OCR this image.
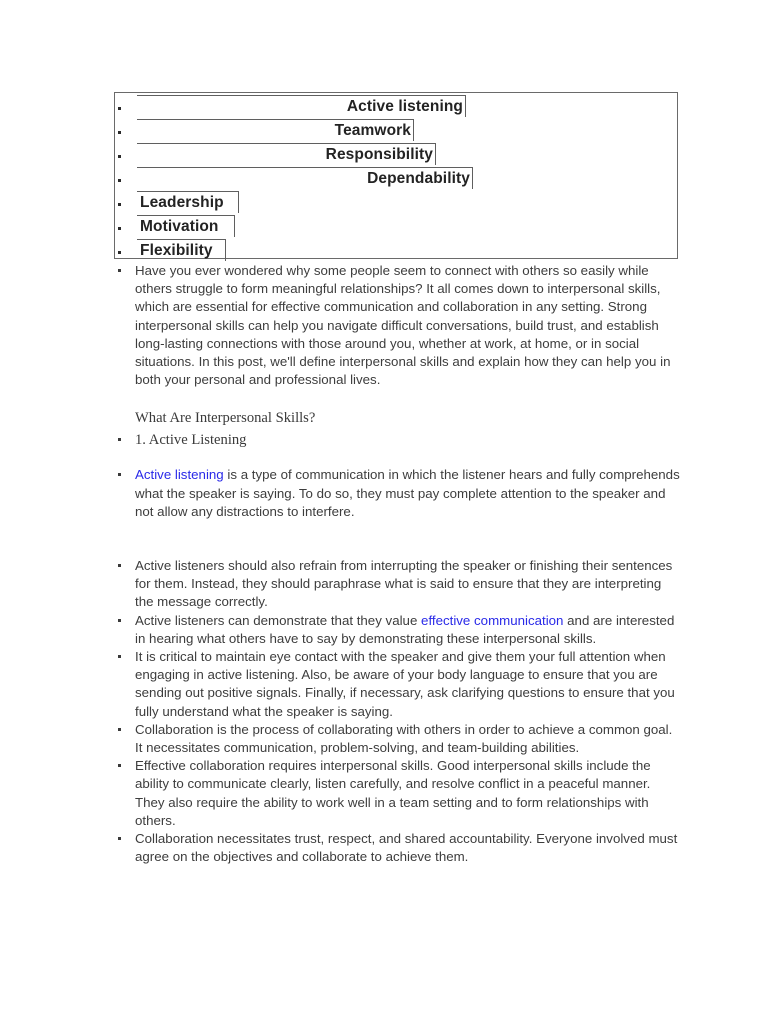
Active listening
Teamwork
Responsibility
Dependability
Leadership
Motivation
Flexibility

Have you ever wondered why some people seem to connect with others so easily while others struggle to form meaningful relationships? It all comes down to interpersonal skills, which are essential for effective communication and collaboration in any setting. Strong interpersonal skills can help you navigate difficult conversations, build trust, and establish long-lasting connections with those around you, whether at work, at home, or in social situations. In this post, we'll define interpersonal skills and explain how they can help you in both your personal and professional lives.

What Are Interpersonal Skills?

1. Active Listening

Active listening is a type of communication in which the listener hears and fully comprehends what the speaker is saying. To do so, they must pay complete attention to the speaker and not allow any distractions to interfere.

Active listeners should also refrain from interrupting the speaker or finishing their sentences for them. Instead, they should paraphrase what is said to ensure that they are interpreting the message correctly.

Active listeners can demonstrate that they value effective communication and are interested in hearing what others have to say by demonstrating these interpersonal skills.

It is critical to maintain eye contact with the speaker and give them your full attention when engaging in active listening. Also, be aware of your body language to ensure that you are sending out positive signals. Finally, if necessary, ask clarifying questions to ensure that you fully understand what the speaker is saying.

Collaboration is the process of collaborating with others in order to achieve a common goal. It necessitates communication, problem-solving, and team-building abilities.

Effective collaboration requires interpersonal skills. Good interpersonal skills include the ability to communicate clearly, listen carefully, and resolve conflict in a peaceful manner. They also require the ability to work well in a team setting and to form relationships with others.

Collaboration necessitates trust, respect, and shared accountability. Everyone involved must agree on the objectives and collaborate to achieve them.
